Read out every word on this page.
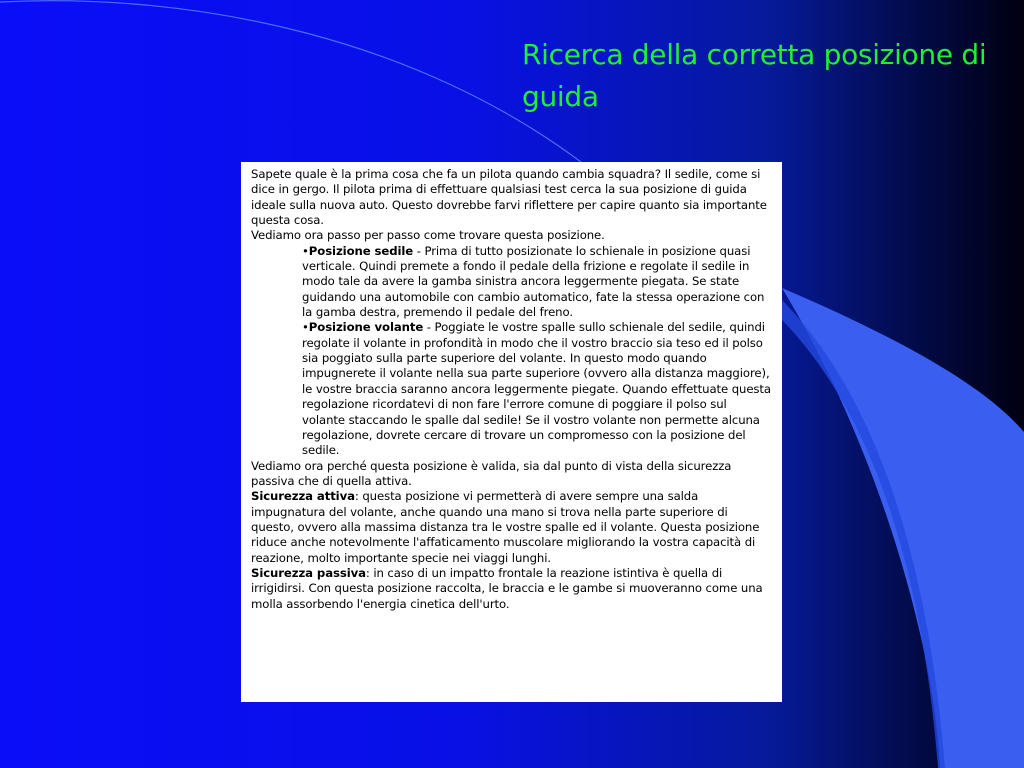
Ricerca della corretta posizione di guida

Sapete quale è la prima cosa che fa un pilota quando cambia squadra? Il sedile, come si dice in gergo. Il pilota prima di effettuare qualsiasi test cerca la sua posizione di guida ideale sulla nuova auto. Questo dovrebbe farvi riflettere per capire quanto sia importante questa cosa.

Vediamo ora passo per passo come trovare questa posizione.

•Posizione sedile - Prima di tutto posizionate lo schienale in posizione quasi verticale. Quindi premete a fondo il pedale della frizione e regolate il sedile in modo tale da avere la gamba sinistra ancora leggermente piegata. Se state guidando una automobile con cambio automatico, fate la stessa operazione con la gamba destra, premendo il pedale del freno.

•Posizione volante - Poggiate le vostre spalle sullo schienale del sedile, quindi regolate il volante in profondità in modo che il vostro braccio sia teso ed il polso sia poggiato sulla parte superiore del volante. In questo modo quando impugnerete il volante nella sua parte superiore (ovvero alla distanza maggiore), le vostre braccia saranno ancora leggermente piegate. Quando effettuate questa regolazione ricordatevi di non fare l'errore comune di poggiare il polso sul volante staccando le spalle dal sedile! Se il vostro volante non permette alcuna regolazione, dovrete cercare di trovare un compromesso con la posizione del sedile.

Vediamo ora perché questa posizione è valida, sia dal punto di vista della sicurezza passiva che di quella attiva.

Sicurezza attiva: questa posizione vi permetterà di avere sempre una salda impugnatura del volante, anche quando una mano si trova nella parte superiore di questo, ovvero alla massima distanza tra le vostre spalle ed il volante. Questa posizione riduce anche notevolmente l'affaticamento muscolare migliorando la vostra capacità di reazione, molto importante specie nei viaggi lunghi.

Sicurezza passiva: in caso di un impatto frontale la reazione istintiva è quella di irrigidirsi. Con questa posizione raccolta, le braccia e le gambe si muoveranno come una molla assorbendo l'energia cinetica dell'urto.
